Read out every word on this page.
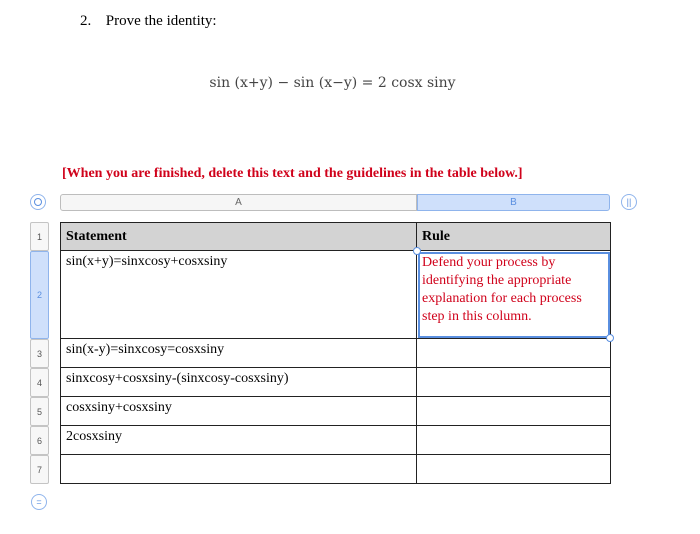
2. Prove the identity:
sin (x+y) − sin (x−y) = 2 cosx siny
[When you are finished, delete this text and the guidelines in the table below.]
A	B	||
1
2
3
4
5
6
7
=
Statement	Rule
sin(x+y)=sinxcosy+cosxsiny	Defend your process by identifying the appropriate explanation for each process step in this column.

sin(x-y)=sinxcosy=cosxsiny	
sinxcosy+cosxsiny-(sinxcosy-cosxsiny)	
cosxsiny+cosxsiny	
2cosxsiny	
